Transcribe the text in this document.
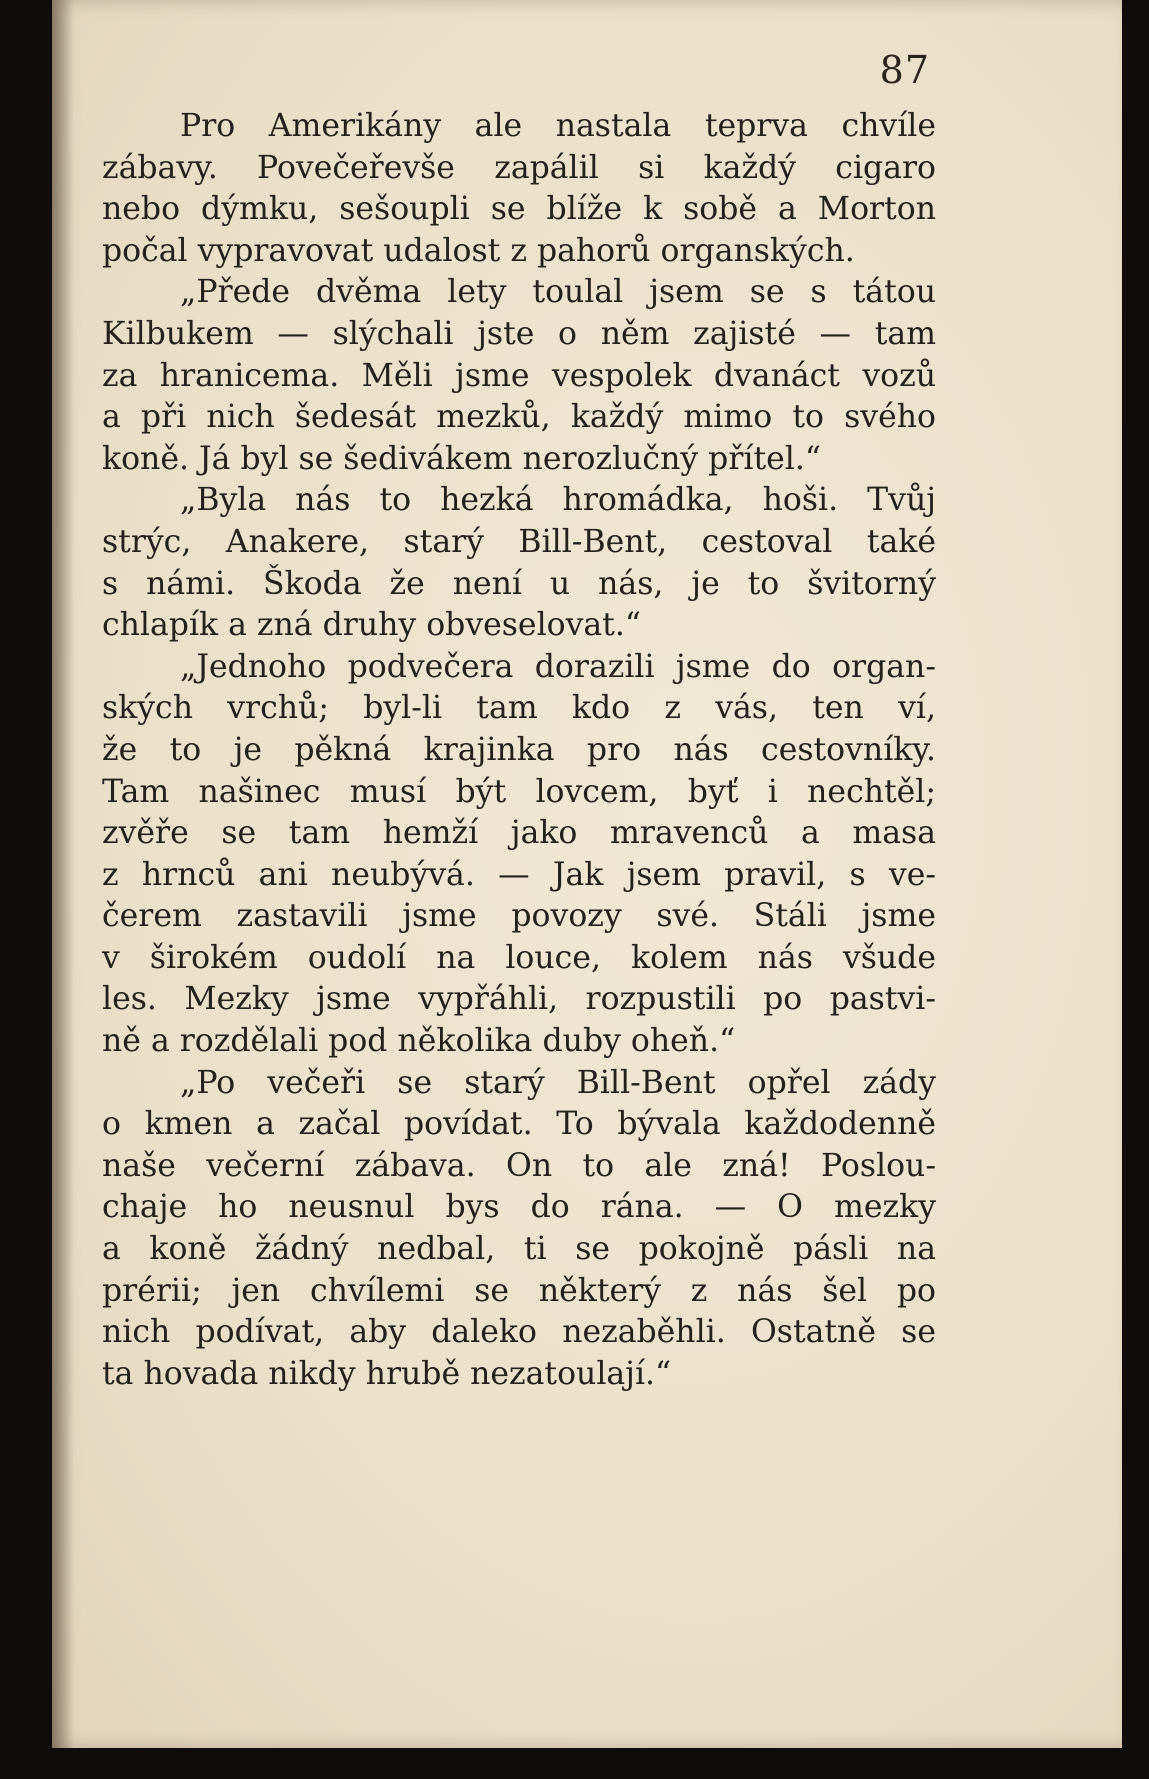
87
Pro Amerikány ale nastala teprva chvíle
zábavy. Povečeřevše zapálil si každý cigaro
nebo dýmku, sešoupli se blíže k sobě a Morton
počal vypravovat udalost z pahorů organských.
„Přede dvěma lety toulal jsem se s tátou
Kilbukem — slýchali jste o něm zajisté — tam
za hranicema. Měli jsme vespolek dvanáct vozů
a při nich šedesát mezků, každý mimo to svého
koně. Já byl se šedivákem nerozlučný přítel.“
„Byla nás to hezká hromádka, hoši. Tvůj
strýc, Anakere, starý Bill-Bent, cestoval také
s námi. Škoda že není u nás, je to švitorný
chlapík a zná druhy obveselovat.“
„Jednoho podvečera dorazili jsme do organ-
ských vrchů; byl-li tam kdo z vás, ten ví,
že to je pěkná krajinka pro nás cestovníky.
Tam našinec musí být lovcem, byť i nechtěl;
zvěře se tam hemží jako mravenců a masa
z hrnců ani neubývá. — Jak jsem pravil, s ve-
čerem zastavili jsme povozy své. Stáli jsme
v širokém oudolí na louce, kolem nás všude
les. Mezky jsme vypřáhli, rozpustili po pastvi-
ně a rozdělali pod několika duby oheň.“
„Po večeři se starý Bill-Bent opřel zády
o kmen a začal povídat. To bývala každodenně
naše večerní zábava. On to ale zná! Poslou-
chaje ho neusnul bys do rána. — O mezky
a koně žádný nedbal, ti se pokojně pásli na
prérii; jen chvílemi se některý z nás šel po
nich podívat, aby daleko nezaběhli. Ostatně se
ta hovada nikdy hrubě nezatoulají.“
